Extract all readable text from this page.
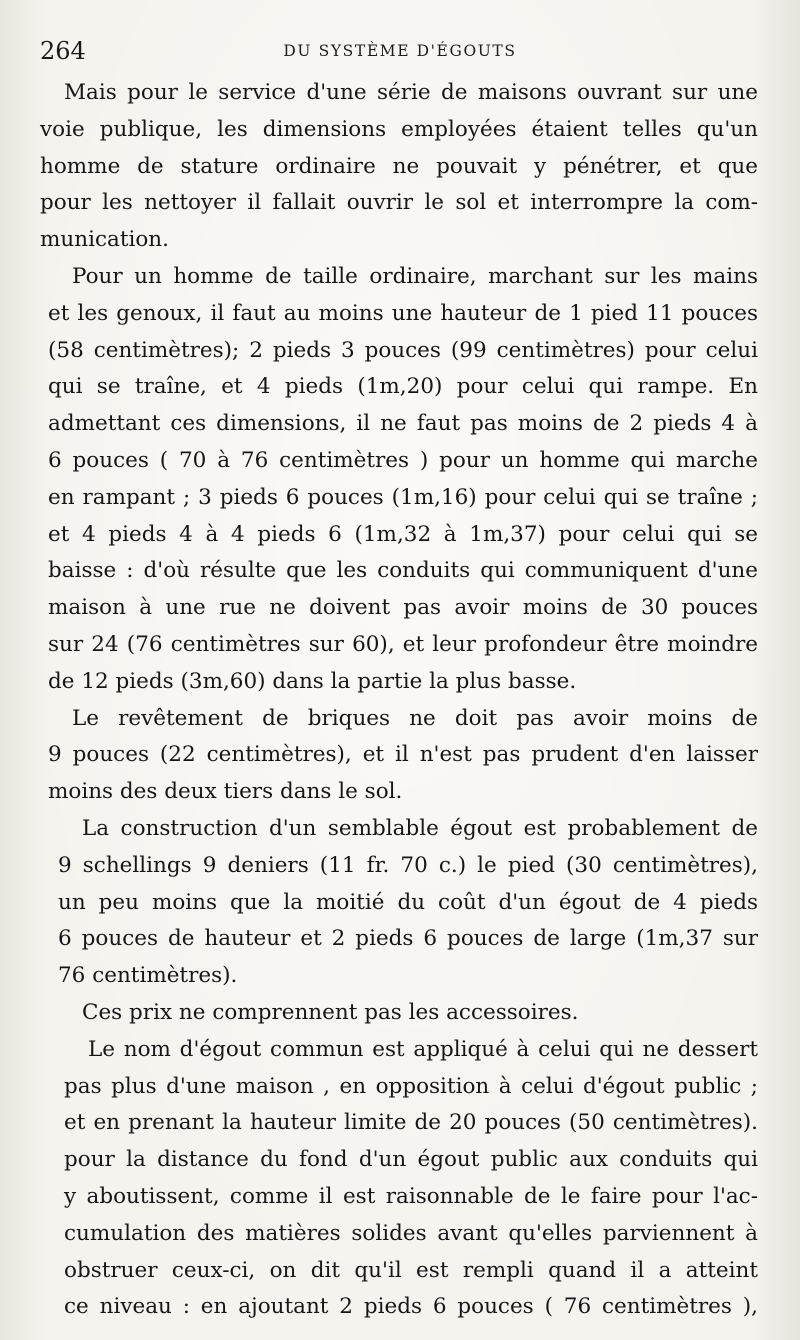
264	DU SYSTÈME D'ÉGOUTS
Mais pour le service d'une série de maisons ouvrant sur une
voie publique, les dimensions employées étaient telles qu'un
homme de stature ordinaire ne pouvait y pénétrer, et que
pour les nettoyer il fallait ouvrir le sol et interrompre la com-
munication.
Pour un homme de taille ordinaire, marchant sur les mains
et les genoux, il faut au moins une hauteur de 1 pied 11 pouces
(58 centimètres); 2 pieds 3 pouces (99 centimètres) pour celui
qui se traîne, et 4 pieds (1m,20) pour celui qui rampe. En
admettant ces dimensions, il ne faut pas moins de 2 pieds 4 à
6 pouces ( 70 à 76 centimètres ) pour un homme qui marche
en rampant ; 3 pieds 6 pouces (1m,16) pour celui qui se traîne ;
et 4 pieds 4 à 4 pieds 6 (1m,32 à 1m,37) pour celui qui se
baisse : d'où résulte que les conduits qui communiquent d'une
maison à une rue ne doivent pas avoir moins de 30 pouces
sur 24 (76 centimètres sur 60), et leur profondeur être moindre
de 12 pieds (3m,60) dans la partie la plus basse.
Le revêtement de briques ne doit pas avoir moins de
9 pouces (22 centimètres), et il n'est pas prudent d'en laisser
moins des deux tiers dans le sol.
La construction d'un semblable égout est probablement de
9 schellings 9 deniers (11 fr. 70 c.) le pied (30 centimètres),
un peu moins que la moitié du coût d'un égout de 4 pieds
6 pouces de hauteur et 2 pieds 6 pouces de large (1m,37 sur
76 centimètres).
Ces prix ne comprennent pas les accessoires.
Le nom d'égout commun est appliqué à celui qui ne dessert
pas plus d'une maison , en opposition à celui d'égout public ;
et en prenant la hauteur limite de 20 pouces (50 centimètres).
pour la distance du fond d'un égout public aux conduits qui
y aboutissent, comme il est raisonnable de le faire pour l'ac-
cumulation des matières solides avant qu'elles parviennent à
obstruer ceux-ci, on dit qu'il est rempli quand il a atteint
ce niveau : en ajoutant 2 pieds 6 pouces ( 76 centimètres ),
